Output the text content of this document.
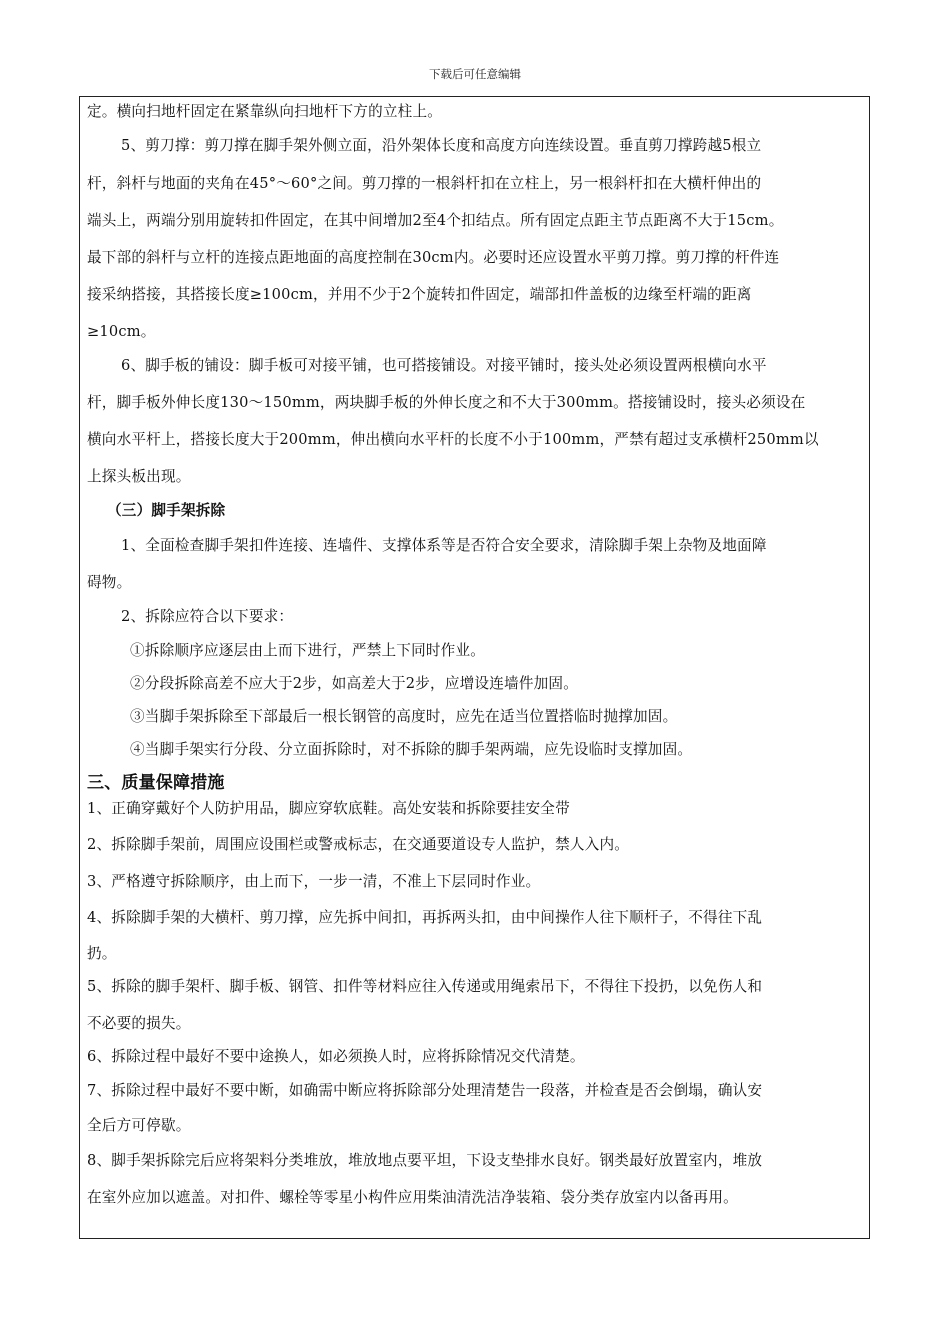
下载后可任意编辑
定。横向扫地杆固定在紧靠纵向扫地杆下方的立柱上。
5、剪刀撑：剪刀撑在脚手架外侧立面，沿外架体长度和高度方向连续设置。垂直剪刀撑跨越5根立
杆，斜杆与地面的夹角在45°～60°之间。剪刀撑的一根斜杆扣在立柱上，另一根斜杆扣在大横杆伸出的
端头上，两端分别用旋转扣件固定，在其中间增加2至4个扣结点。所有固定点距主节点距离不大于15cm。
最下部的斜杆与立杆的连接点距地面的高度控制在30cm内。必要时还应设置水平剪刀撑。剪刀撑的杆件连
接采纳搭接，其搭接长度≥100cm，并用不少于2个旋转扣件固定，端部扣件盖板的边缘至杆端的距离
≥10cm。
6、脚手板的铺设：脚手板可对接平铺，也可搭接铺设。对接平铺时，接头处必须设置两根横向水平
杆，脚手板外伸长度130～150mm，两块脚手板的外伸长度之和不大于300mm。搭接铺设时，接头必须设在
横向水平杆上，搭接长度大于200mm，伸出横向水平杆的长度不小于100mm，严禁有超过支承横杆250mm以
上探头板出现。
（三）脚手架拆除
1、全面检查脚手架扣件连接、连墙件、支撑体系等是否符合安全要求，清除脚手架上杂物及地面障
碍物。
2、拆除应符合以下要求：
①拆除顺序应逐层由上而下进行，严禁上下同时作业。
②分段拆除高差不应大于2步，如高差大于2步，应增设连墙件加固。
③当脚手架拆除至下部最后一根长钢管的高度时，应先在适当位置搭临时抛撑加固。
④当脚手架实行分段、分立面拆除时，对不拆除的脚手架两端，应先设临时支撑加固。
三、质量保障措施
1、正确穿戴好个人防护用品，脚应穿软底鞋。高处安装和拆除要挂安全带
2、拆除脚手架前，周围应设围栏或警戒标志，在交通要道设专人监护，禁人入内。
3、严格遵守拆除顺序，由上而下，一步一清，不准上下层同时作业。
4、拆除脚手架的大横杆、剪刀撑，应先拆中间扣，再拆两头扣，由中间操作人往下顺杆子，不得往下乱
扔。
5、拆除的脚手架杆、脚手板、钢管、扣件等材料应往入传递或用绳索吊下，不得往下投扔，以免伤人和
不必要的损失。
6、拆除过程中最好不要中途换人，如必须换人时，应将拆除情况交代清楚。
7、拆除过程中最好不要中断，如确需中断应将拆除部分处理清楚告一段落，并检查是否会倒塌，确认安
全后方可停歇。
8、脚手架拆除完后应将架料分类堆放，堆放地点要平坦，下设支垫排水良好。钢类最好放置室内，堆放
在室外应加以遮盖。对扣件、螺栓等零星小构件应用柴油清洗洁净装箱、袋分类存放室内以备再用。
